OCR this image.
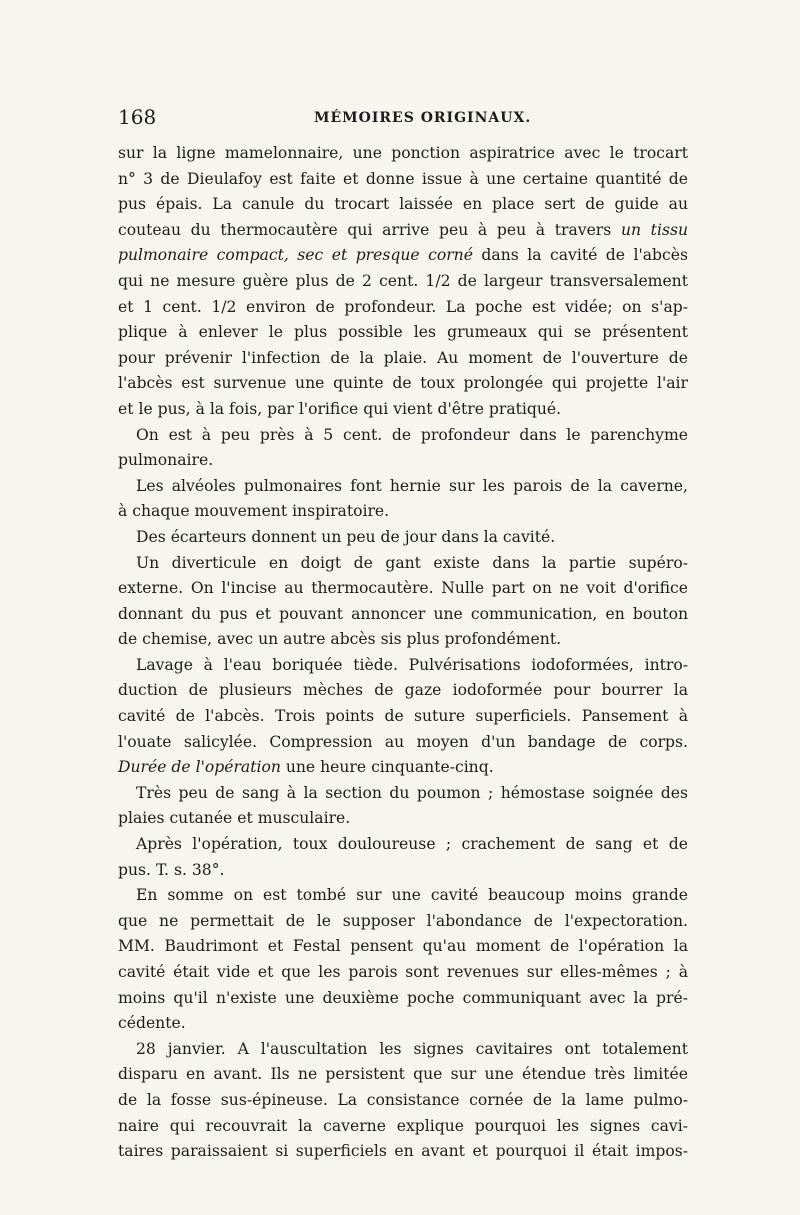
168	MÉMOIRES ORIGINAUX.
sur la ligne mamelonnaire, une ponction aspiratrice avec le trocart
n° 3 de Dieulafoy est faite et donne issue à une certaine quantité de
pus épais. La canule du trocart laissée en place sert de guide au
couteau du thermocautère qui arrive peu à peu à travers un tissu
pulmonaire compact, sec et presque corné dans la cavité de l'abcès
qui ne mesure guère plus de 2 cent. 1/2 de largeur transversalement
et 1 cent. 1/2 environ de profondeur. La poche est vidée; on s'ap-
plique à enlever le plus possible les grumeaux qui se présentent
pour prévenir l'infection de la plaie. Au moment de l'ouverture de
l'abcès est survenue une quinte de toux prolongée qui projette l'air
et le pus, à la fois, par l'orifice qui vient d'être pratiqué.
On est à peu près à 5 cent. de profondeur dans le parenchyme
pulmonaire.
Les alvéoles pulmonaires font hernie sur les parois de la caverne,
à chaque mouvement inspiratoire.
Des écarteurs donnent un peu de jour dans la cavité.
Un diverticule en doigt de gant existe dans la partie supéro-
externe. On l'incise au thermocautère. Nulle part on ne voit d'orifice
donnant du pus et pouvant annoncer une communication, en bouton
de chemise, avec un autre abcès sis plus profondément.
Lavage à l'eau boriquée tiède. Pulvérisations iodoformées, intro-
duction de plusieurs mèches de gaze iodoformée pour bourrer la
cavité de l'abcès. Trois points de suture superficiels. Pansement à
l'ouate salicylée. Compression au moyen d'un bandage de corps.
Durée de l'opération une heure cinquante-cinq.
Très peu de sang à la section du poumon ; hémostase soignée des
plaies cutanée et musculaire.
Après l'opération, toux douloureuse ; crachement de sang et de
pus. T. s. 38°.
En somme on est tombé sur une cavité beaucoup moins grande
que ne permettait de le supposer l'abondance de l'expectoration.
MM. Baudrimont et Festal pensent qu'au moment de l'opération la
cavité était vide et que les parois sont revenues sur elles-mêmes ; à
moins qu'il n'existe une deuxième poche communiquant avec la pré-
cédente.
28 janvier. A l'auscultation les signes cavitaires ont totalement
disparu en avant. Ils ne persistent que sur une étendue très limitée
de la fosse sus-épineuse. La consistance cornée de la lame pulmo-
naire qui recouvrait la caverne explique pourquoi les signes cavi-
taires paraissaient si superficiels en avant et pourquoi il était impos-
